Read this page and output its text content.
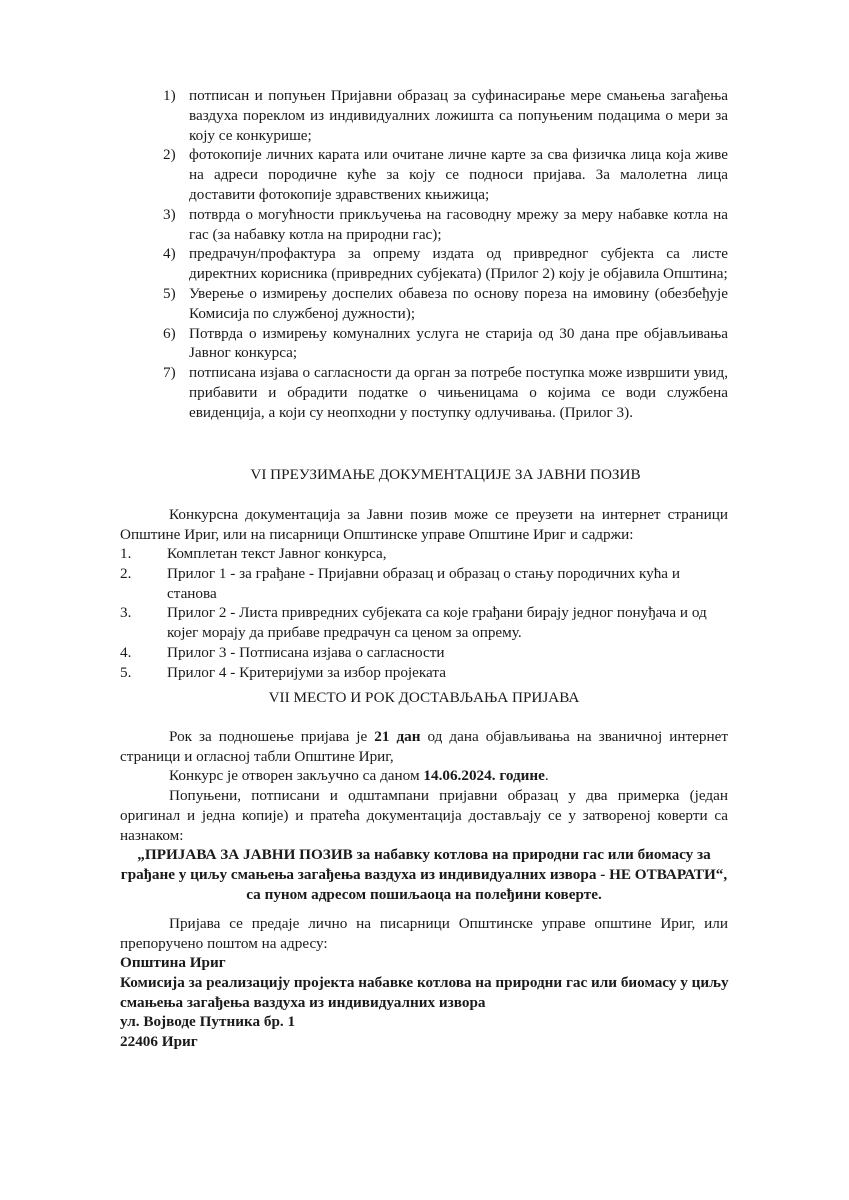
1) потписан и попуњен Пријавни образац за суфинасирање мере смањења загађења ваздуха пореклом из индивидуалних ложишта са попуњеним подацима о мери за коју се конкурише;
2) фотокопије личних карата или очитане личне карте за сва физичка лица која живе на адреси породичне куће за коју се подноси пријава. За малолетна лица доставити фотокопије здравствених књижица;
3) потврда о могућности прикључења на гасоводну мрежу за меру набавке котла на гас (за набавку котла на природни гас);
4) предрачун/профактура за опрему издата од привредног субјекта са листе директних корисника (привредних субјеката) (Прилог 2) коју је објавила Општина;
5) Уверење о измирењу доспелих обавеза по основу пореза на имовину (обезбеђује Комисија по службеној дужности);
6) Потврда о измирењу комуналних услуга не старија од 30 дана пре објављивања Јавног конкурса;
7) потписана изјава о сагласности да орган за потребе поступка може извршити увид, прибавити и обрадити податке о чињеницама о којима се води службена евиденција, а који су неопходни у поступку одлучивања. (Прилог 3).
VI ПРЕУЗИМАЊЕ ДОКУМЕНТАЦИЈЕ ЗА ЈАВНИ ПОЗИВ
Конкурсна документација за Јавни позив може се преузети на интернет страници Општине Ириг, или на писарници Општинске управе Општине Ириг и садржи:
1.	Комплетан текст Јавног конкурса,
2.	Прилог 1 - за грађане - Пријавни образац и образац о стању породичних кућа и станова
3.	Прилог 2 - Листа привредних субјеката са које грађани бирају једног понуђача и од којег морају да прибаве предрачун са ценом за опрему.
4.	Прилог 3 - Потписана изјава о сагласности
5.	Прилог 4 - Критеријуми за избор пројеката
VII МЕСТО И РОК ДОСТАВЉАЊА ПРИЈАВА
Рок за подношење пријава је 21 дан од дана објављивања на званичној интернет страници и огласној табли Општине Ириг,
Конкурс је отворен закључно са даном 14.06.2024. године.
Попуњени, потписани и одштампани пријавни образац у два примерка (један оригинал и једна копије) и пратећа документација достављају се у затвореној коверти са назнаком:
„ПРИЈАВА ЗА ЈАВНИ ПОЗИВ за набавку котлова на природни гас или биомасу за грађане у циљу смањења загађења ваздуха из индивидуалних извора - НЕ ОТВАРАТИ“, са пуном адресом пошиљаоца на полеђини коверте.
Пријава се предаје лично на писарници Општинске управе општине Ириг, или препоручено поштом на адресу:
Општина Ириг
Комисија за реализацију пројекта набавке котлова на природни гас или биомасу у циљу смањења загађења ваздуха из индивидуалних извора
ул. Војводе Путника бр. 1
22406 Ириг
